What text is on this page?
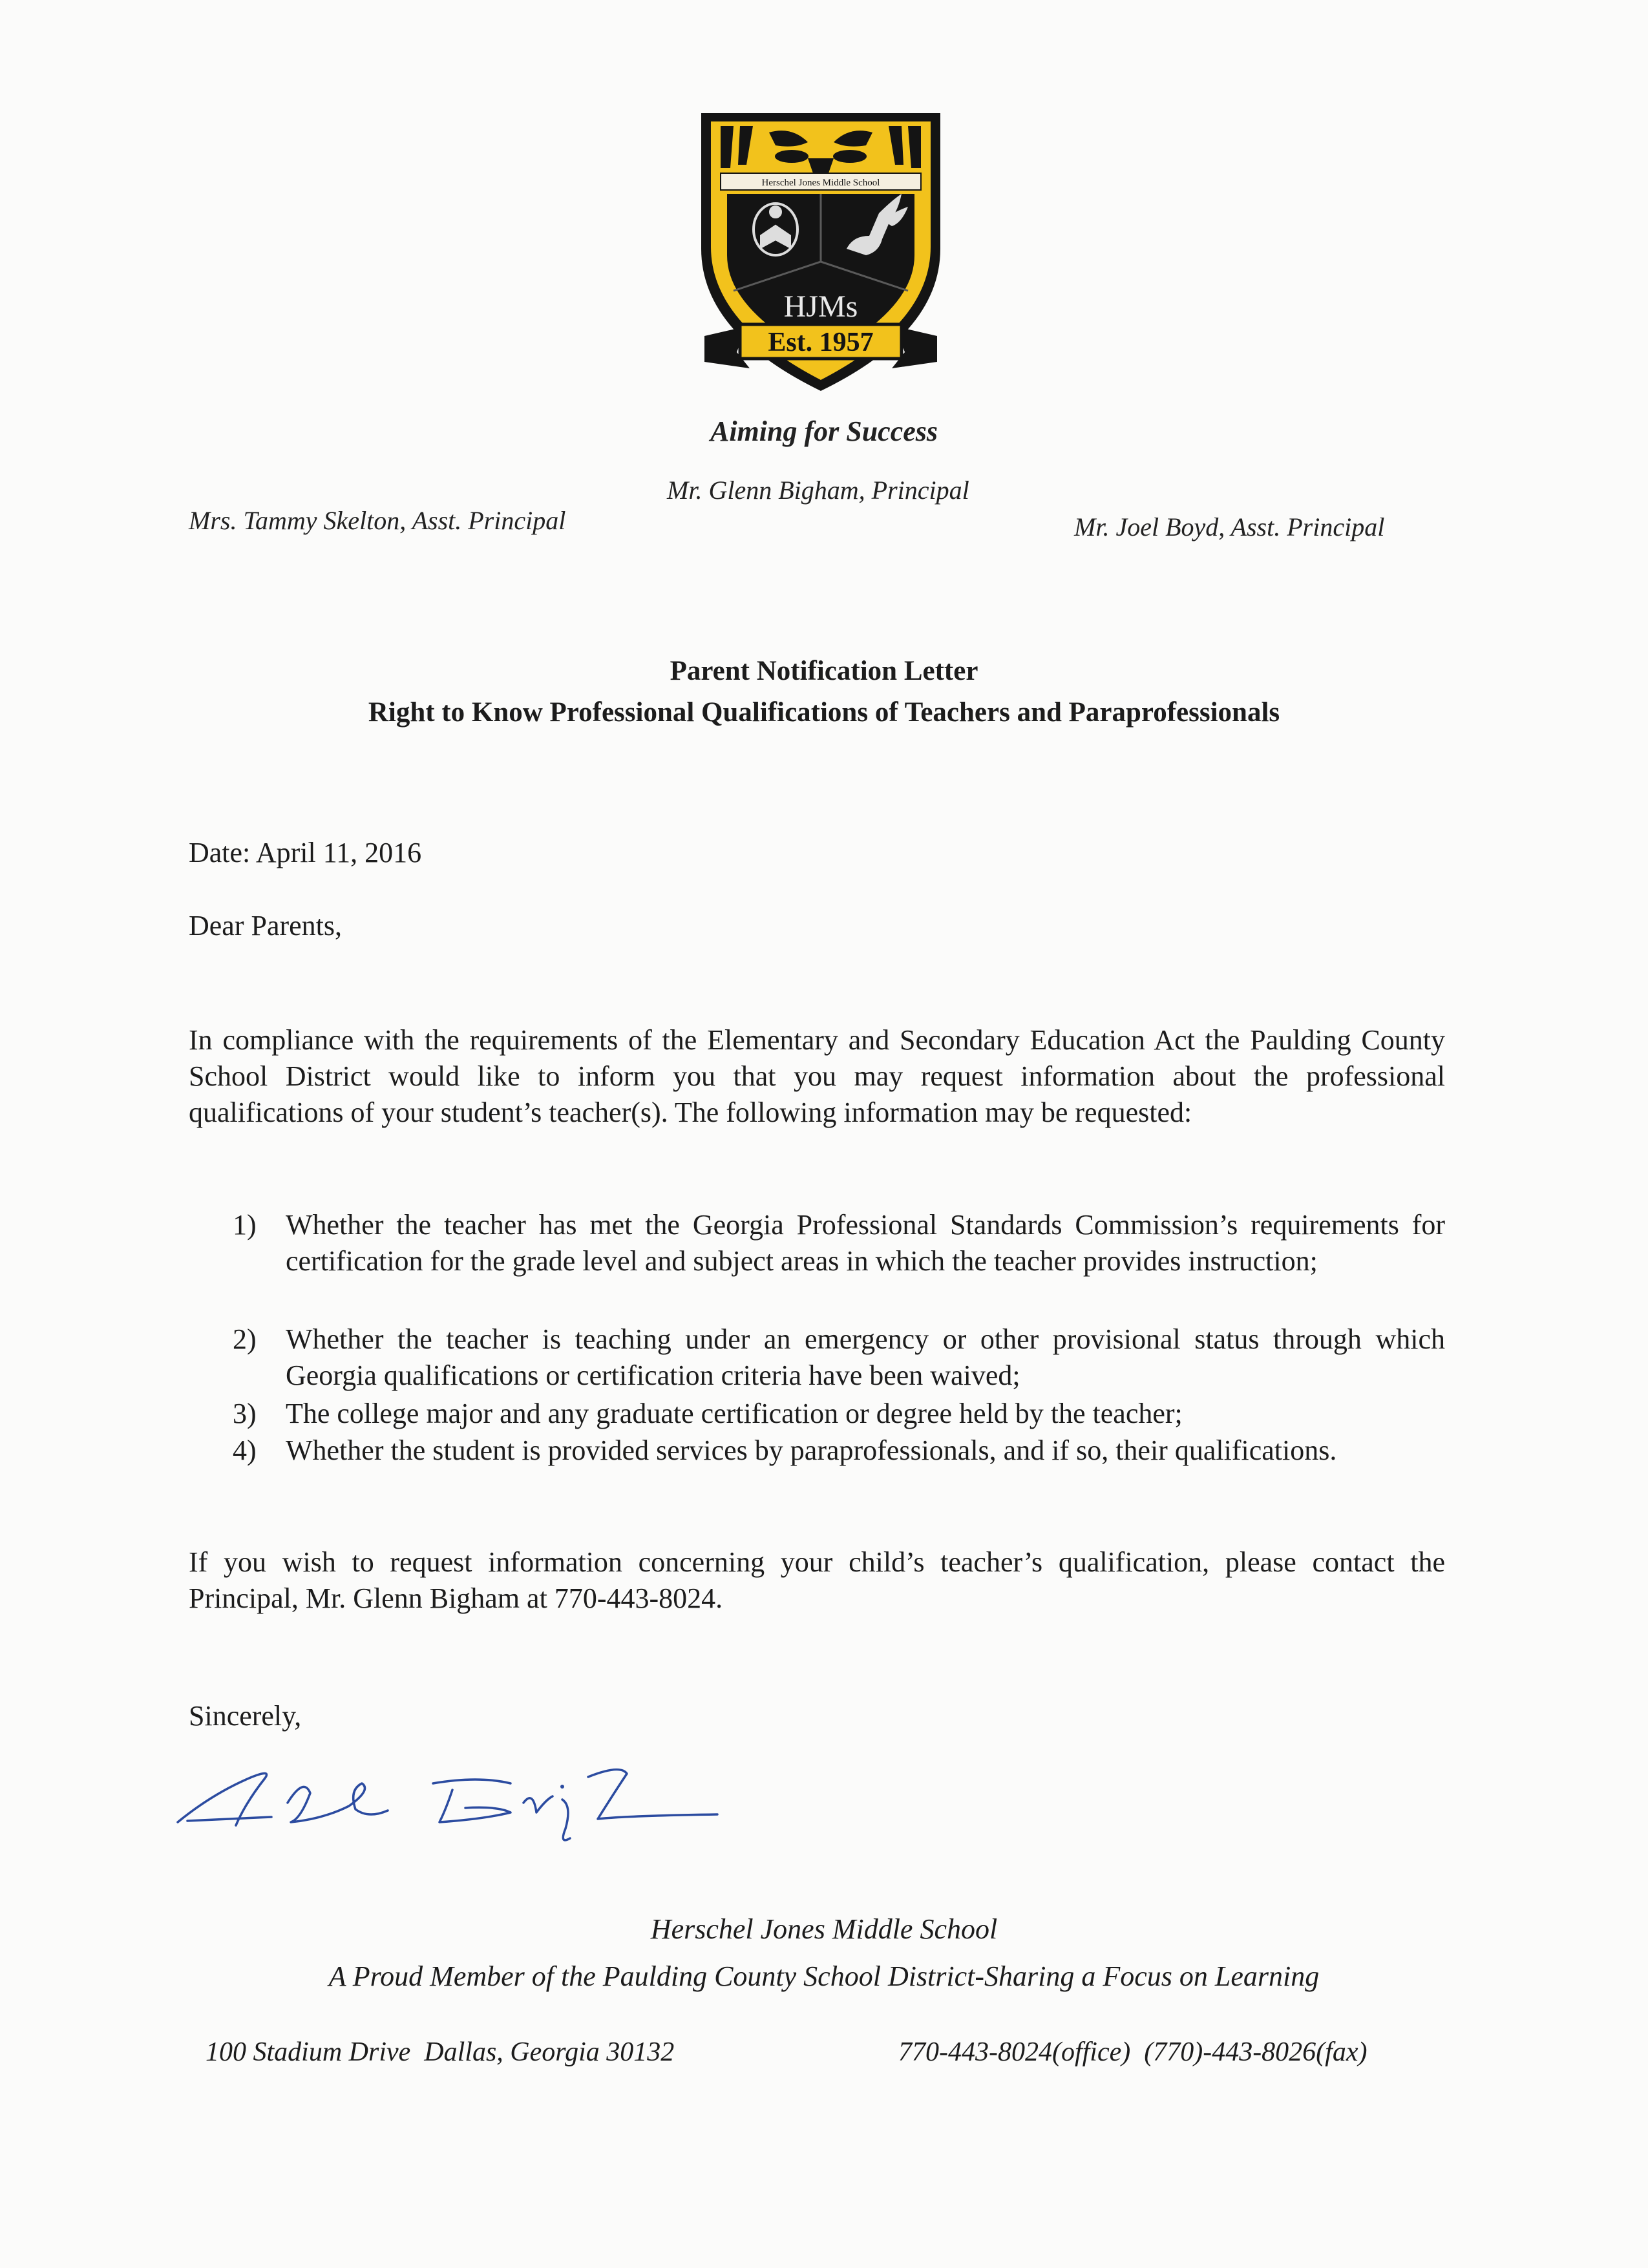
Herschel Jones Middle School
HJMs
Est. 1957
Aiming for Success
Mr. Glenn Bigham, Principal
Mrs. Tammy Skelton, Asst. Principal	Mr. Joel Boyd, Asst. Principal
Parent Notification Letter
Right to Know Professional Qualifications of Teachers and Paraprofessionals
Date: April 11, 2016
Dear Parents,
In compliance with the requirements of the Elementary and Secondary Education Act the Paulding County School District would like to inform you that you may request information about the professional qualifications of your student’s teacher(s). The following information may be requested:
1) Whether the teacher has met the Georgia Professional Standards Commission’s requirements for certification for the grade level and subject areas in which the teacher provides instruction;
2) Whether the teacher is teaching under an emergency or other provisional status through which Georgia qualifications or certification criteria have been waived;
3) The college major and any graduate certification or degree held by the teacher;
4) Whether the student is provided services by paraprofessionals, and if so, their qualifications.
If you wish to request information concerning your child’s teacher’s qualification, please contact the Principal, Mr. Glenn Bigham at 770-443-8024.
Sincerely,
Herschel Jones Middle School
A Proud Member of the Paulding County School District-Sharing a Focus on Learning
100 Stadium Drive  Dallas, Georgia 30132	770-443-8024(office)  (770)-443-8026(fax)
